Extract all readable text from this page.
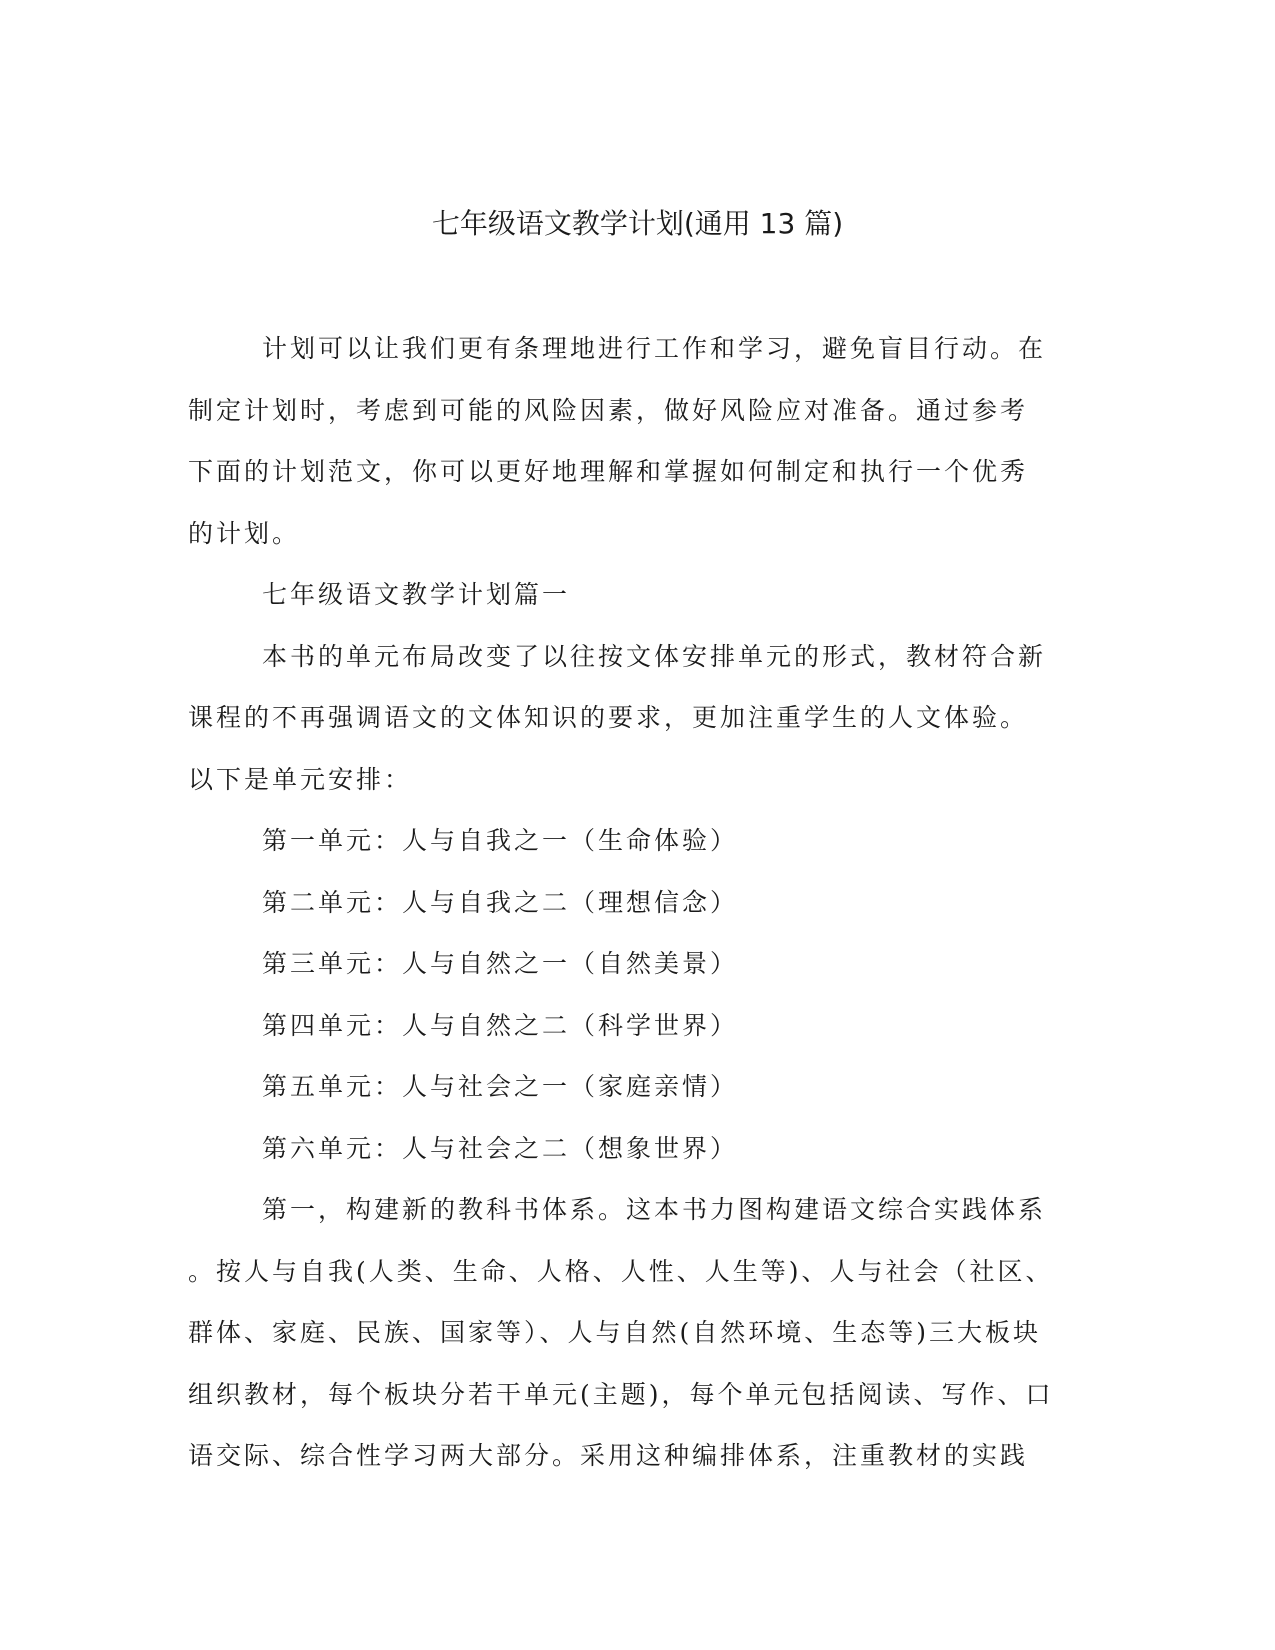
七年级语文教学计划(通用 13 篇)
计划可以让我们更有条理地进行工作和学习，避免盲目行动。在
制定计划时，考虑到可能的风险因素，做好风险应对准备。通过参考
下面的计划范文，你可以更好地理解和掌握如何制定和执行一个优秀
的计划。
七年级语文教学计划篇一
本书的单元布局改变了以往按文体安排单元的形式，教材符合新
课程的不再强调语文的文体知识的要求，更加注重学生的人文体验。
以下是单元安排：
第一单元：人与自我之一（生命体验）
第二单元：人与自我之二（理想信念）
第三单元：人与自然之一（自然美景）
第四单元：人与自然之二（科学世界）
第五单元：人与社会之一（家庭亲情）
第六单元：人与社会之二（想象世界）
第一，构建新的教科书体系。这本书力图构建语文综合实践体系
。按人与自我(人类、生命、人格、人性、人生等)、人与社会（社区、
群体、家庭、民族、国家等）、人与自然(自然环境、生态等)三大板块
组织教材，每个板块分若干单元(主题)，每个单元包括阅读、写作、口
语交际、综合性学习两大部分。采用这种编排体系，注重教材的实践
